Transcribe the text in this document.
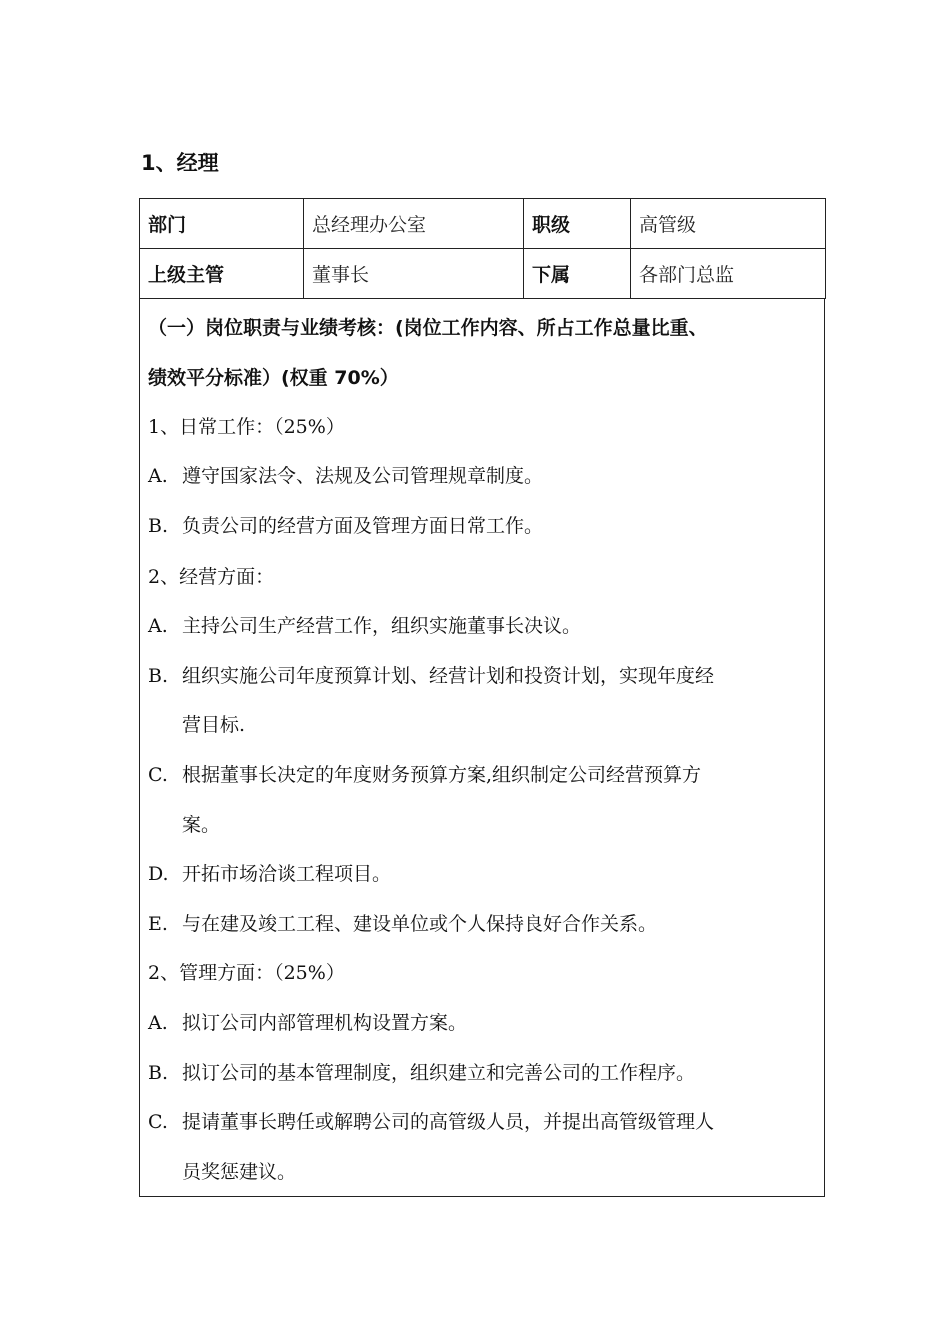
1、经理
部门	总经理办公室	职级	高管级
上级主管	董事长	下属	各部门总监
（一）岗位职责与业绩考核：(岗位工作内容、所占工作总量比重、
绩效平分标准）(权重 70%）
1、日常工作：（25%）
A. 遵守国家法令、法规及公司管理规章制度。
B. 负责公司的经营方面及管理方面日常工作。
2、经营方面：
A. 主持公司生产经营工作，组织实施董事长决议。
B. 组织实施公司年度预算计划、经营计划和投资计划，实现年度经
营目标.
C. 根据董事长决定的年度财务预算方案,组织制定公司经营预算方
案。
D. 开拓市场洽谈工程项目。
E. 与在建及竣工工程、建设单位或个人保持良好合作关系。
2、管理方面：（25%）
A. 拟订公司内部管理机构设置方案。
B. 拟订公司的基本管理制度，组织建立和完善公司的工作程序。
C. 提请董事长聘任或解聘公司的高管级人员，并提出高管级管理人
员奖惩建议。
